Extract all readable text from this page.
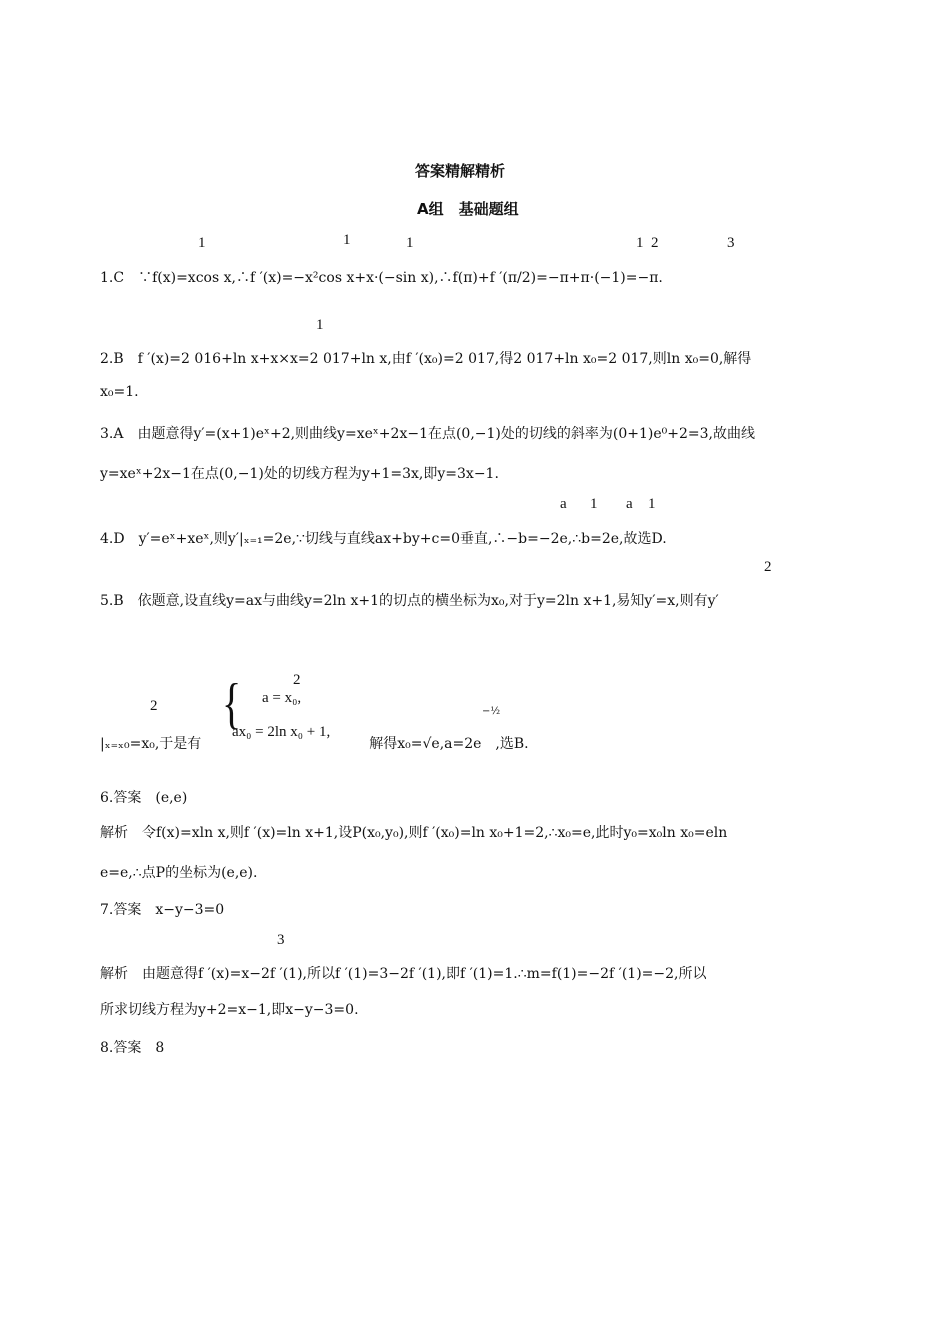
答案精解精析
A组　基础题组
1	1	1	1 2	3
1.C　∵f(x)=xcos x,∴f ′(x)=−x²cos x+x·(−sin x),∴f(π)+f ′(π/2)=−π+π·(−1)=−π.
1
2.B　f ′(x)=2 016+ln x+x×x=2 017+ln x,由f ′(x₀)=2 017,得2 017+ln x₀=2 017,则ln x₀=0,解得
x₀=1.
3.A　由题意得y′=(x+1)eˣ+2,则曲线y=xeˣ+2x−1在点(0,−1)处的切线的斜率为(0+1)e⁰+2=3,故曲线
y=xeˣ+2x−1在点(0,−1)处的切线方程为y+1=3x,即y=3x−1.
a 1 a 1
4.D　y′=eˣ+xeˣ,则y′|ₓ₌₁=2e,∵切线与直线ax+by+c=0垂直,∴−b=−2e,∴b=2e,故选D.
2
5.B　依题意,设直线y=ax与曲线y=2ln x+1的切点的横坐标为x₀,对于y=2ln x+1,易知y′=x,则有y′
2 {	2
a = x₀,
ax₀ = 2ln x₀ + 1,
−½
|ₓ₌ₓ₀=x₀,于是有　　　　　　　　　　　　解得x₀=√e,a=2e　,选B.
6.答案　(e,e)
解析　令f(x)=xln x,则f ′(x)=ln x+1,设P(x₀,y₀),则f ′(x₀)=ln x₀+1=2,∴x₀=e,此时y₀=x₀ln x₀=eln
e=e,∴点P的坐标为(e,e).
7.答案　x−y−3=0
3
解析　由题意得f ′(x)=x−2f ′(1),所以f ′(1)=3−2f ′(1),即f ′(1)=1.∴m=f(1)=−2f ′(1)=−2,所以
所求切线方程为y+2=x−1,即x−y−3=0.
8.答案　8
